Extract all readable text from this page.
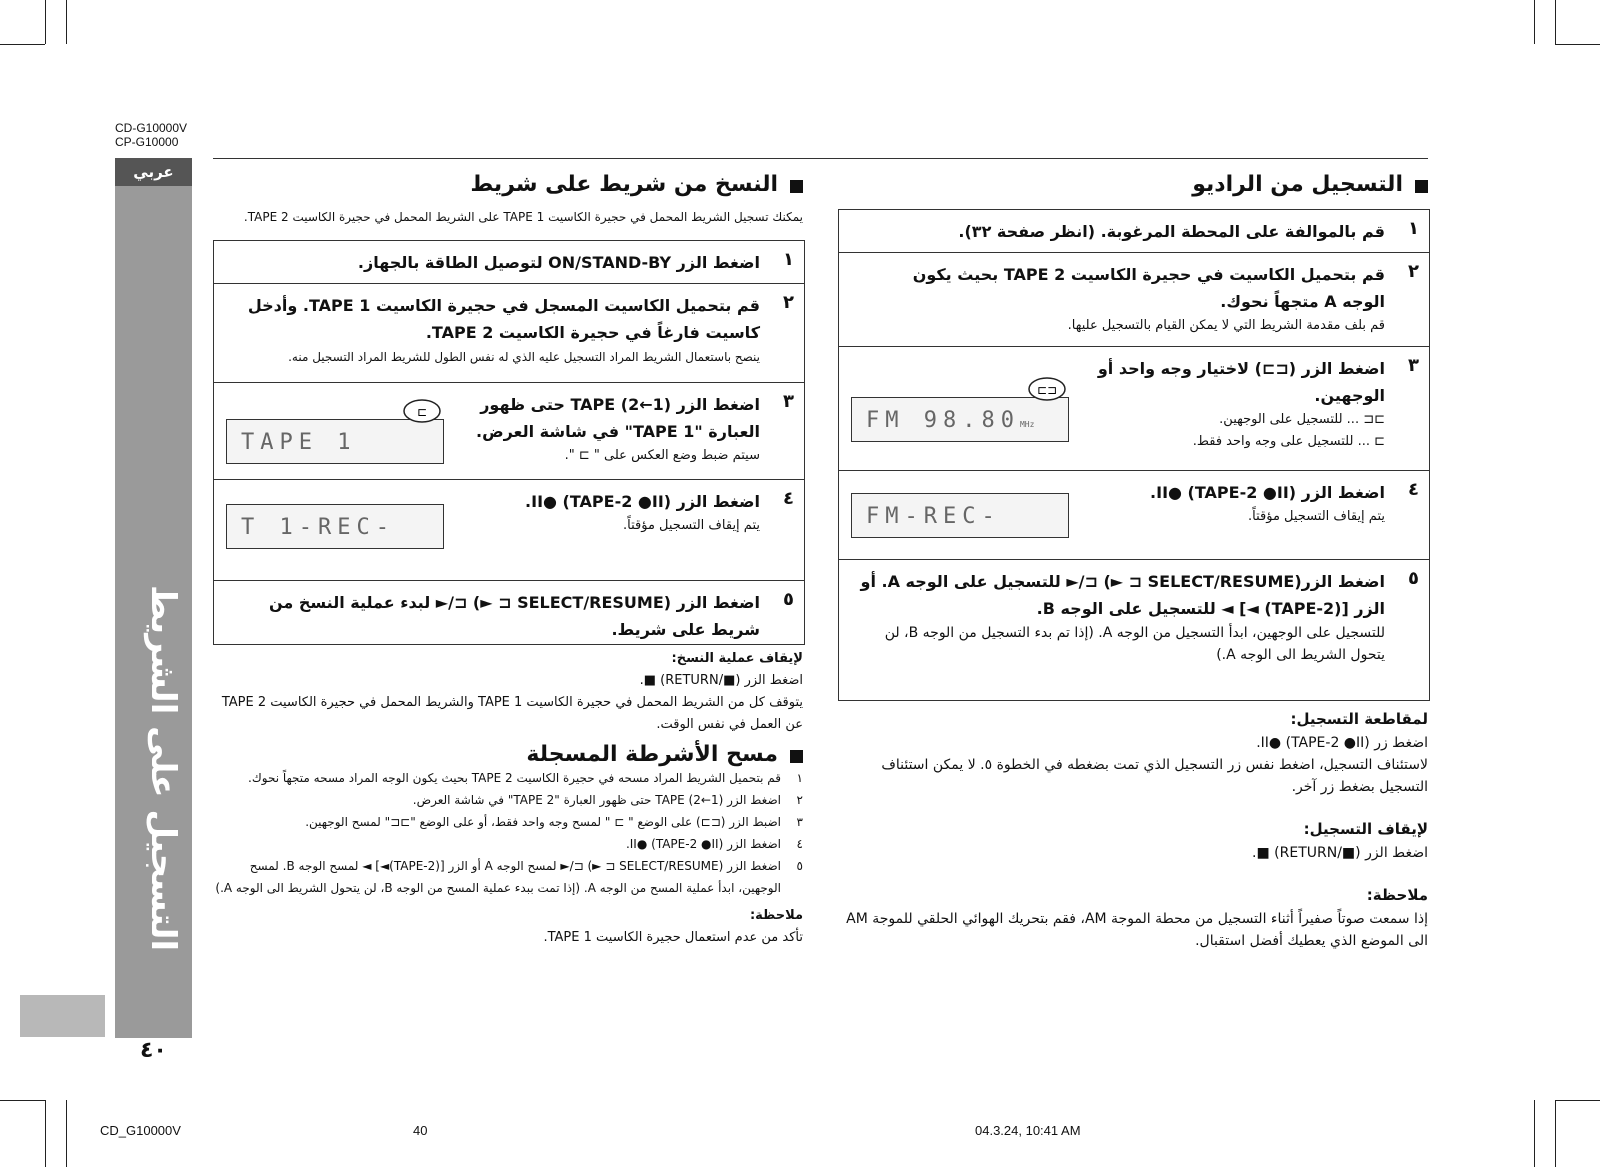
CD-G10000V
CP-G10000
عربي
التسجيل على الشريط
٤٠
التسجيل من الراديو
١
قم بالموالفة على المحطة المرغوبة. (انظر صفحة ٣٢).
٢
قم بتحميل الكاسيت في حجيرة الكاسيت TAPE 2 بحيث يكون الوجه A متجهاً نحوك.
قم بلف مقدمة الشريط التي لا يمكن القيام بالتسجيل عليها.
٣
اضغط الزر (⊏⊐) لاختيار وجه واحد أو الوجهين.
⊐⊏ ... للتسجيل على الوجهين.
⊐ ... للتسجيل على وجه واحد فقط.
FM 98.80MHz
⊏⊐
٤
اضغط الزر (TAPE-2 ●II) ●II.
يتم إيقاف التسجيل مؤقتاً.
FM-REC-
٥
اضغط الزر(SELECT/RESUME ⊏ ►) ⊏/► للتسجيل على الوجه A. أو الزر [(TAPE-2) ◄] ◄ للتسجيل على الوجه B.
للتسجيل على الوجهين، ابدأ التسجيل من الوجه A. (إذا تم بدء التسجيل من الوجه B، لن يتحول الشريط الى الوجه A.)
لمقاطعة التسجيل:
اضغط زر (TAPE-2 ●II) ●II.
لاستئناف التسجيل، اضغط نفس زر التسجيل الذي تمت بضغطه في الخطوة ٥. لا يمكن استئناف التسجيل بضغط زر آخر.
لإيقاف التسجيل:
اضغط الزر (■/RETURN) ■.
ملاحظة:
إذا سمعت صوتاً صفيراً أثناء التسجيل من محطة الموجة AM، فقم بتحريك الهوائي الحلقي للموجة AM الى الموضع الذي يعطيك أفضل استقبال.
النسخ من شريط على شريط
يمكنك تسجيل الشريط المحمل في حجيرة الكاسيت TAPE 1 على الشريط المحمل في حجيرة الكاسيت TAPE 2.
١
اضغط الزر ON/STAND-BY لتوصيل الطاقة بالجهاز.
٢
قم بتحميل الكاسيت المسجل في حجيرة الكاسيت TAPE 1. وأدخل كاسيت فارغاً في حجيرة الكاسيت TAPE 2.
ينصح باستعمال الشريط المراد التسجيل عليه الذي له نفس الطول للشريط المراد التسجيل منه.
٣
اضغط الزر (1←2) TAPE حتى ظهور العبارة "TAPE 1" في شاشة العرض.
سيتم ضبط وضع العكس على " ⊐ ".
TAPE 1
⊐
٤
اضغط الزر (TAPE-2 ●II) ●II.
يتم إيقاف التسجيل مؤقتاً.
T 1-REC-
٥
اضغط الزر (SELECT/RESUME ⊏ ►) ⊏/► لبدء عملية النسخ من شريط على شريط.
لإيقاف عملية النسخ:
اضغط الزر (■/RETURN) ■.
يتوقف كل من الشريط المحمل في حجيرة الكاسيت TAPE 1 والشريط المحمل في حجيرة الكاسيت TAPE 2 عن العمل في نفس الوقت.
مسح الأشرطة المسجلة
١
قم بتحميل الشريط المراد مسحه في حجيرة الكاسيت TAPE 2 بحيث يكون الوجه المراد مسحه متجهاً نحوك.
٢
اضغط الزر (1←2) TAPE حتى ظهور العبارة "TAPE 2" في شاشة العرض.
٣
اضبط الزر (⊏⊐) على الوضع " ⊐ " لمسح وجه واحد فقط، أو على الوضع "⊐⊏" لمسح الوجهين.
٤
اضغط الزر (TAPE-2 ●II) ●II.
٥
اضغط الزر (SELECT/RESUME ⊏ ►) ⊏/► لمسح الوجه A أو الزر [(TAPE-2)◄] ◄ لمسح الوجه B. لمسح الوجهين، ابدأ عملية المسح من الوجه A. (إذا تمت ببدء عملية المسح من الوجه B، لن يتحول الشريط الى الوجه A.)
ملاحظة:
تأكد من عدم استعمال حجيرة الكاسيت TAPE 1.
CD_G10000V	40	04.3.24, 10:41 AM
